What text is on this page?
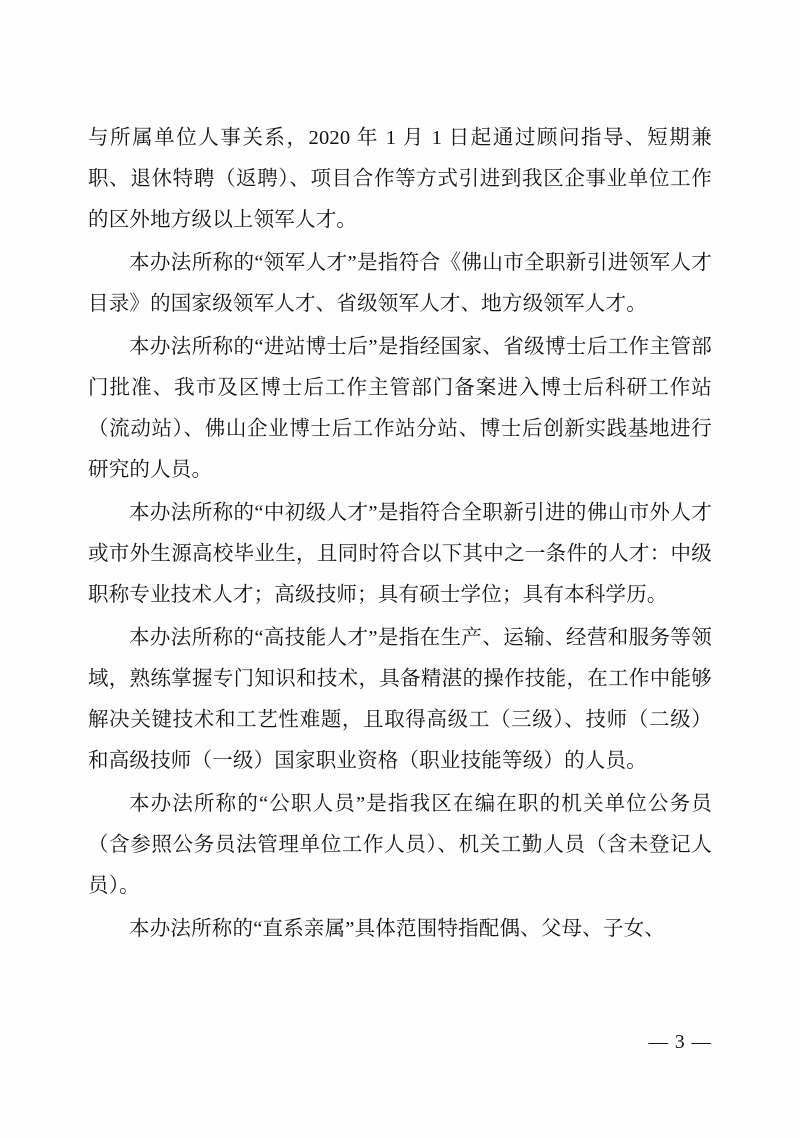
与所属单位人事关系，2020 年 1 月 1 日起通过顾问指导、短期兼职、退休特聘（返聘）、项目合作等方式引进到我区企事业单位工作的区外地方级以上领军人才。

本办法所称的“领军人才”是指符合《佛山市全职新引进领军人才目录》的国家级领军人才、省级领军人才、地方级领军人才。

本办法所称的“进站博士后”是指经国家、省级博士后工作主管部门批准、我市及区博士后工作主管部门备案进入博士后科研工作站（流动站）、佛山企业博士后工作站分站、博士后创新实践基地进行研究的人员。

本办法所称的“中初级人才”是指符合全职新引进的佛山市外人才或市外生源高校毕业生，且同时符合以下其中之一条件的人才：中级职称专业技术人才；高级技师；具有硕士学位；具有本科学历。

本办法所称的“高技能人才”是指在生产、运输、经营和服务等领域，熟练掌握专门知识和技术，具备精湛的操作技能，在工作中能够解决关键技术和工艺性难题，且取得高级工（三级）、技师（二级）和高级技师（一级）国家职业资格（职业技能等级）的人员。

本办法所称的“公职人员”是指我区在编在职的机关单位公务员（含参照公务员法管理单位工作人员）、机关工勤人员（含未登记人员）。

本办法所称的“直系亲属”具体范围特指配偶、父母、子女、

— 3 —
